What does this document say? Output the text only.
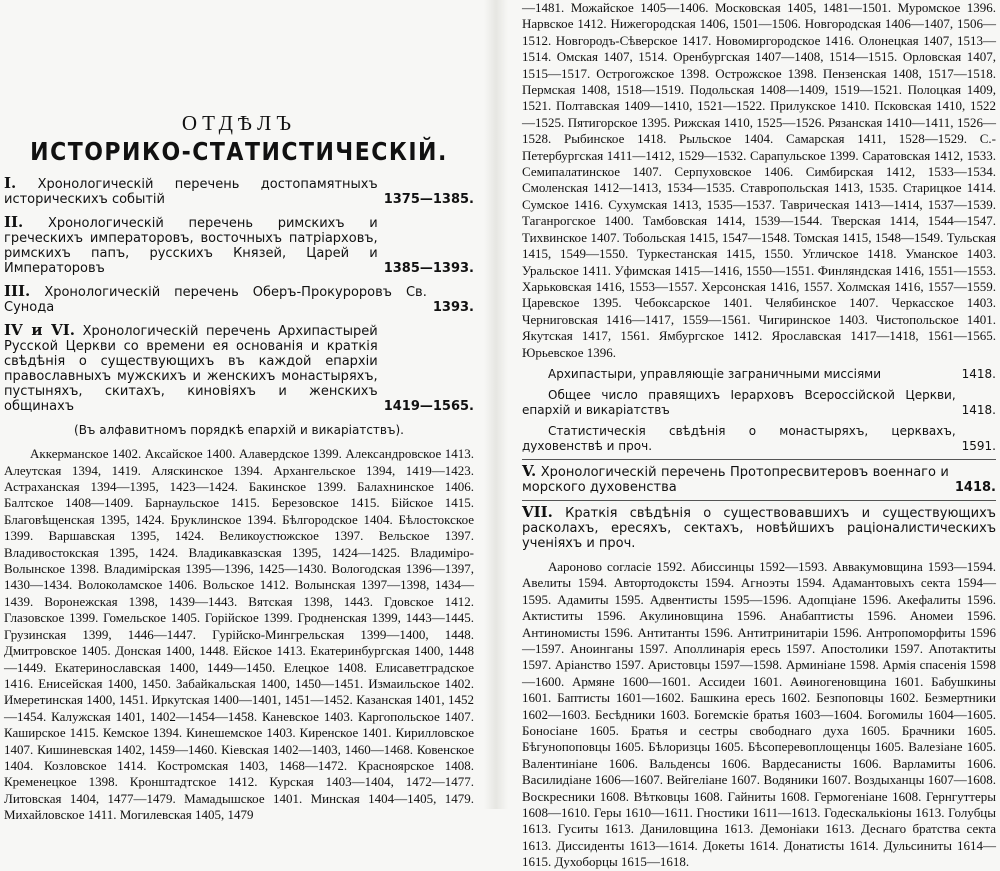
ОТДѢЛЪ
ИСТОРИКО-СТАТИСТИЧЕСКІЙ.
I. Хронологическій перечень достопамятныхъ историческихъ событій	1375—1385.
II. Хронологическій перечень римскихъ и греческихъ императоровъ, восточныхъ патріарховъ, римскихъ папъ, русскихъ Князей, Царей и Императоровъ	1385—1393.
III. Хронологическій перечень Оберъ-Прокуроровъ Св. Сунода	1393.
IV и VI. Хронологическій перечень Архипастырей Русской Церкви со времени ея основанія и краткія свѣдѣнія о существующихъ въ каждой епархіи православныхъ мужскихъ и женскихъ монастыряхъ, пустыняхъ, скитахъ, киновіяхъ и женскихъ общинахъ	1419—1565.
(Въ алфавитномъ порядкѣ епархій и викаріатствъ).

Аккерманское 1402. Аксайское 1400. Алавердское 1399. Александровское 1413. Алеутская 1394, 1419. Аляскинское 1394. Архангельское 1394, 1419—1423. Астраханская 1394—1395, 1423—1424. Бакинское 1399. Балахнинское 1406. Балтское 1408—1409. Барнаульское 1415. Березовское 1415. Бійское 1415. Благовѣщенская 1395, 1424. Бруклинское 1394. Бѣлгородское 1404. Бѣлостокское 1399. Варшавская 1395, 1424. Великоустюжское 1397. Вельское 1397. Владивостокская 1395, 1424. Владикавказская 1395, 1424—1425. Владиміро-Волынское 1398. Владимірская 1395—1396, 1425—1430. Вологодская 1396—1397, 1430—1434. Волоколамское 1406. Вольское 1412. Волынская 1397—1398, 1434—1439. Воронежская 1398, 1439—1443. Вятская 1398, 1443. Гдовское 1412. Глазовское 1399. Гомельское 1405. Горійское 1399. Гродненская 1399, 1443—1445. Грузинская 1399, 1446—1447. Гурійско-Мингрельская 1399—1400, 1448. Дмитровское 1405. Донская 1400, 1448. Ейское 1413. Екатеринбургская 1400, 1448—1449. Екатеринославская 1400, 1449—1450. Елецкое 1408. Елисаветградское 1416. Енисейская 1400, 1450. Забайкальская 1400, 1450—1451. Измаильское 1402. Имеретинская 1400, 1451. Иркутская 1400—1401, 1451—1452. Казанская 1401, 1452—1454. Калужская 1401, 1402—1454—1458. Каневское 1403. Каргопольское 1407. Каширское 1415. Кемское 1394. Кинешемское 1403. Киренское 1401. Кирилловское 1407. Кишиневская 1402, 1459—1460. Кіевская 1402—1403, 1460—1468. Ковенское 1404. Козловское 1414. Костромская 1403, 1468—1472. Красноярское 1408. Кременецкое 1398. Кронштадтское 1412. Курская 1403—1404, 1472—1477. Литовская 1404, 1477—1479. Мамадышское 1401. Минская 1404—1405, 1479. Михайловское 1411. Могилевская 1405, 1479

—1481. Можайское 1405—1406. Московская 1405, 1481—1501. Муромское 1396. Нарвское 1412. Нижегородская 1406, 1501—1506. Новгородская 1406—1407, 1506—1512. Новгородъ-Сѣверское 1417. Новомиргородское 1416. Олонецкая 1407, 1513—1514. Омская 1407, 1514. Оренбургская 1407—1408, 1514—1515. Орловская 1407, 1515—1517. Острогожское 1398. Острожское 1398. Пензенская 1408, 1517—1518. Пермская 1408, 1518—1519. Подольская 1408—1409, 1519—1521. Полоцкая 1409, 1521. Полтавская 1409—1410, 1521—1522. Прилукское 1410. Псковская 1410, 1522—1525. Пятигорское 1395. Рижская 1410, 1525—1526. Рязанская 1410—1411, 1526—1528. Рыбинское 1418. Рыльское 1404. Самарская 1411, 1528—1529. С.-Петербургская 1411—1412, 1529—1532. Сарапульское 1399. Саратовская 1412, 1533. Семипалатинское 1407. Серпуховское 1406. Симбирская 1412, 1533—1534. Смоленская 1412—1413, 1534—1535. Ставропольская 1413, 1535. Старицкое 1414. Сумское 1416. Сухумская 1413, 1535—1537. Таврическая 1413—1414, 1537—1539. Таганрогское 1400. Тамбовская 1414, 1539—1544. Тверская 1414, 1544—1547. Тихвинское 1407. Тобольская 1415, 1547—1548. Томская 1415, 1548—1549. Тульская 1415, 1549—1550. Туркестанская 1415, 1550. Угличское 1418. Уманское 1403. Уральское 1411. Уфимская 1415—1416, 1550—1551. Финляндская 1416, 1551—1553. Харьковская 1416, 1553—1557. Херсонская 1416, 1557. Холмская 1416, 1557—1559. Царевское 1395. Чебоксарское 1401. Челябинское 1407. Черкасское 1403. Черниговская 1416—1417, 1559—1561. Чигиринское 1403. Чистопольское 1401. Якутская 1417, 1561. Ямбургское 1412. Ярославская 1417—1418, 1561—1565. Юрьевское 1396.

Архипастыри, управляющіе заграничными миссіями	1418.
Общее число правящихъ Іерарховъ Всероссійской Церкви, епархій и викаріатствъ	1418.
Статистическія свѣдѣнія о монастыряхъ, церквахъ, духовенствѣ и проч.	1591.
V. Хронологическій перечень Протопресвитеровъ военнаго и морского духовенства	1418.
VII. Краткія свѣдѣнія о существовавшихъ и существующихъ расколахъ, ересяхъ, сектахъ, новѣйшихъ раціоналистическихъ ученіяхъ и проч.

Аароново согласіе 1592. Абиссинцы 1592—1593. Аввакумовщина 1593—1594. Авелиты 1594. Автортодоксты 1594. Агноэты 1594. Адамантовыхъ секта 1594—1595. Адамиты 1595. Адвентисты 1595—1596. Адопціане 1596. Акефалиты 1596. Актиститы 1596. Акулиновщина 1596. Анабаптисты 1596. Аномеи 1596. Антиномисты 1596. Антитанты 1596. Антитринитаріи 1596. Антропоморфиты 1596—1597. Аноинганы 1597. Аполлинарія ересь 1597. Апостолики 1597. Апотактиты 1597. Аріанство 1597. Аристовцы 1597—1598. Арминіане 1598. Армія спасенія 1598—1600. Армяне 1600—1601. Ассидеи 1601. Аѳиногеновщина 1601. Бабушкины 1601. Баптисты 1601—1602. Башкина ересь 1602. Безпоповцы 1602. Безмертники 1602—1603. Бесѣдники 1603. Богемскіе братья 1603—1604. Богомилы 1604—1605. Боносіане 1605. Братья и сестры свободнаго духа 1605. Брачники 1605. Бѣгунопоповцы 1605. Бѣлоризцы 1605. Бѣсоперевоплощенцы 1605. Валезіане 1605. Валентиніане 1606. Вальденсы 1606. Вардесанисты 1606. Варламиты 1606. Василидіане 1606—1607. Вейгеліане 1607. Водяники 1607. Воздыханцы 1607—1608. Воскресники 1608. Вѣтковцы 1608. Гайниты 1608. Гермогеніане 1608. Гернгуттеры 1608—1610. Геры 1610—1611. Гностики 1611—1613. Годескалькіоны 1613. Голубцы 1613. Гуситы 1613. Даниловщина 1613. Демоніаки 1613. Деснаго братства секта 1613. Диссиденты 1613—1614. Докеты 1614. Донатисты 1614. Дульсиниты 1614—1615. Духоборцы 1615—1618.
